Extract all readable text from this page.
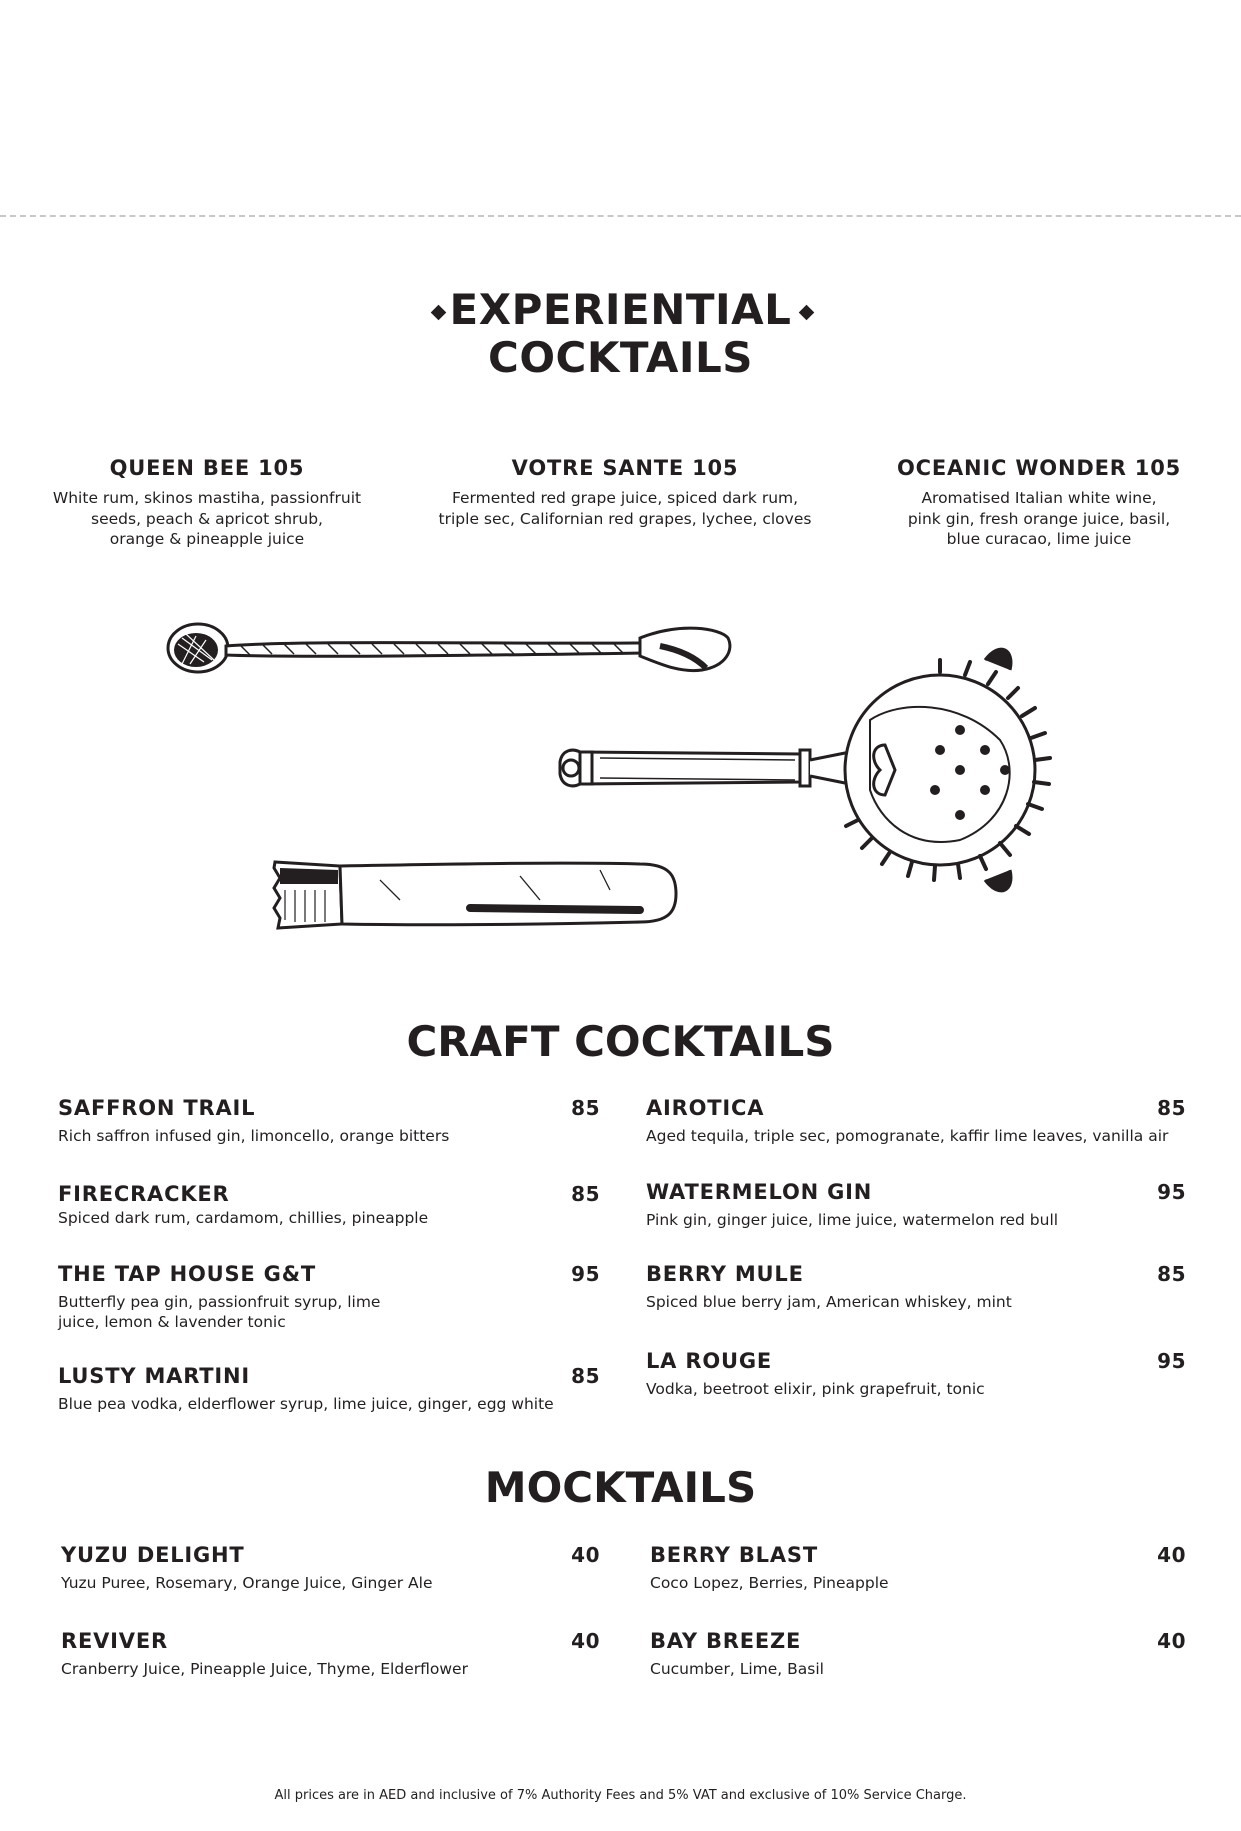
EXPERIENTIAL
COCKTAILS
QUEEN BEE 105
White rum, skinos mastiha, passionfruit
seeds, peach & apricot shrub,
orange & pineapple juice
VOTRE SANTE 105
Fermented red grape juice, spiced dark rum,
triple sec, Californian red grapes, lychee, cloves
OCEANIC WONDER 105
Aromatised Italian white wine,
pink gin, fresh orange juice, basil,
blue curacao, lime juice
CRAFT COCKTAILS
SAFFRON TRAIL	85
Rich saffron infused gin, limoncello, orange bitters
FIRECRACKER	85
Spiced dark rum, cardamom, chillies, pineapple
THE TAP HOUSE G&T	95
Butterfly pea gin, passionfruit syrup, lime
juice, lemon & lavender tonic
LUSTY MARTINI	85
Blue pea vodka, elderflower syrup, lime juice, ginger, egg white
AIROTICA	85
Aged tequila, triple sec, pomogranate, kaffir lime leaves, vanilla air
WATERMELON GIN	95
Pink gin, ginger juice, lime juice, watermelon red bull
BERRY MULE	85
Spiced blue berry jam, American whiskey, mint
LA ROUGE	95
Vodka, beetroot elixir, pink grapefruit, tonic
MOCKTAILS
YUZU DELIGHT	40
Yuzu Puree, Rosemary, Orange Juice, Ginger Ale
REVIVER	40
Cranberry Juice, Pineapple Juice, Thyme, Elderflower
BERRY BLAST	40
Coco Lopez, Berries, Pineapple
BAY BREEZE	40
Cucumber, Lime, Basil
All prices are in AED and inclusive of 7% Authority Fees and 5% VAT and exclusive of 10% Service Charge.
